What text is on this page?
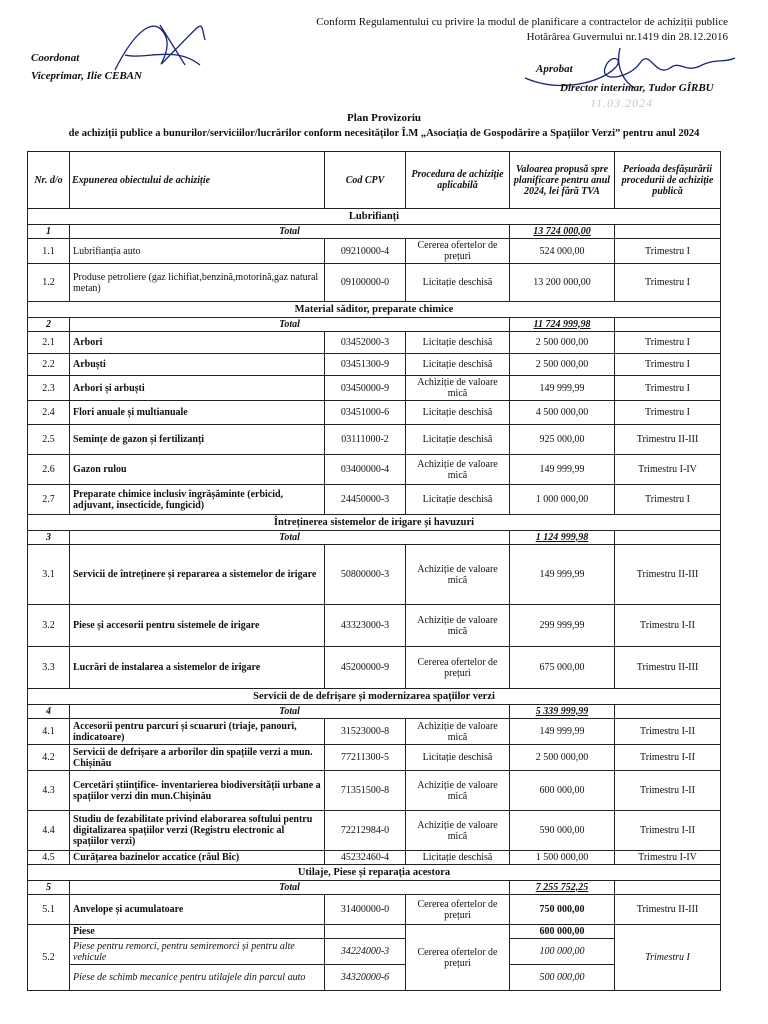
Conform Regulamentului cu privire la modul de planificare a contractelor de achiziții publice
Hotărârea Guvernului nr.1419 din 28.12.2016
Coordonat
Viceprimar, Ilie CEBAN
Aprobat
Director interimar, Tudor GÎRBU
11.03.2024
Plan Provizoriu
de achiziții publice a bunurilor/serviciilor/lucrărilor conform necesităților Î.M „Asociația de Gospodărire a Spațiilor Verzi” pentru anul 2024
Nr. d/o	Expunerea obiectului de achiziție	Cod CPV	Procedura de achiziție aplicabilă	Valoarea propusă spre planificare pentru anul 2024, lei fără TVA	Perioada desfășurării procedurii de achiziție publică
Lubrifianți					
1	Total			13 724 000,00	
1.1	Lubrifianția auto	09210000-4	Cererea ofertelor de prețuri	524 000,00	Trimestru I
1.2	Produse petroliere (gaz lichifiat,benzină,motorină,gaz natural metan)	09100000-0	Licitație deschisă	13 200 000,00	Trimestru I
Material săditor, preparate chimice					
2	Total			11 724 999,98	
2.1	Arbori	03452000-3	Licitație deschisă	2 500 000,00	Trimestru I
2.2	Arbuști	03451300-9	Licitație deschisă	2 500 000,00	Trimestru I
2.3	Arbori și arbuști	03450000-9	Achiziție de valoare mică	149 999,99	Trimestru I
2.4	Flori anuale și multianuale	03451000-6	Licitație deschisă	4 500 000,00	Trimestru I
2.5	Semințe de gazon și fertilizanți	03111000-2	Licitație deschisă	925 000,00	Trimestru II-III
2.6	Gazon rulou	03400000-4	Achiziție de valoare mică	149 999,99	Trimestru I-IV
2.7	Preparate chimice inclusiv îngrășăminte (erbicid, adjuvant, insecticide, fungicid)	24450000-3	Licitație deschisă	1 000 000,00	Trimestru I
Întreținerea sistemelor de irigare și havuzuri					
3	Total			1 124 999,98	
3.1	Servicii de întreținere și repararea a sistemelor de irigare	50800000-3	Achiziție de valoare mică	149 999,99	Trimestru II-III
3.2	Piese și accesorii pentru sistemele de irigare	43323000-3	Achiziție de valoare mică	299 999,99	Trimestru I-II
3.3	Lucrări de instalarea a sistemelor de irigare	45200000-9	Cererea ofertelor de prețuri	675 000,00	Trimestru II-III
Servicii de de defrișare și modernizarea spațiilor verzi					
4	Total			5 339 999,99	
4.1	Accesorii pentru parcuri și scuaruri (triaje, panouri, indicatoare)	31523000-8	Achiziție de valoare mică	149 999,99	Trimestru I-II
4.2	Servicii de defrișare a arborilor din spațiile verzi a mun. Chișinău	77211300-5	Licitație deschisă	2 500 000,00	Trimestru I-II
4.3	Cercetări științifice- inventarierea biodiversității urbane a spațiilor verzi din mun.Chișinău	71351500-8	Achiziție de valoare mică	600 000,00	Trimestru I-II
4.4	Studiu de fezabilitate privind elaborarea softului pentru digitalizarea spațiilor verzi (Registru electronic al spațiilor verzi)	72212984-0	Achiziție de valoare mică	590 000,00	Trimestru I-II
4.5	Curățarea bazinelor accatice (râul Bîc)	45232460-4	Licitație deschisă	1 500 000,00	Trimestru I-IV
Utilaje, Piese și reparația acestora					
5	Total			7 255 752,25	
5.1	Anvelope și acumulatoare	31400000-0	Cererea ofertelor de prețuri	750 000,00	Trimestru II-III
5.2	Piese		Cererea ofertelor de prețuri	600 000,00	Trimestru I
	Piese pentru remorci, pentru semiremorci și pentru alte vehicule	34224000-3		100 000,00	
	Piese de schimb mecanice pentru utilajele din parcul auto	34320000-6		500 000,00	
